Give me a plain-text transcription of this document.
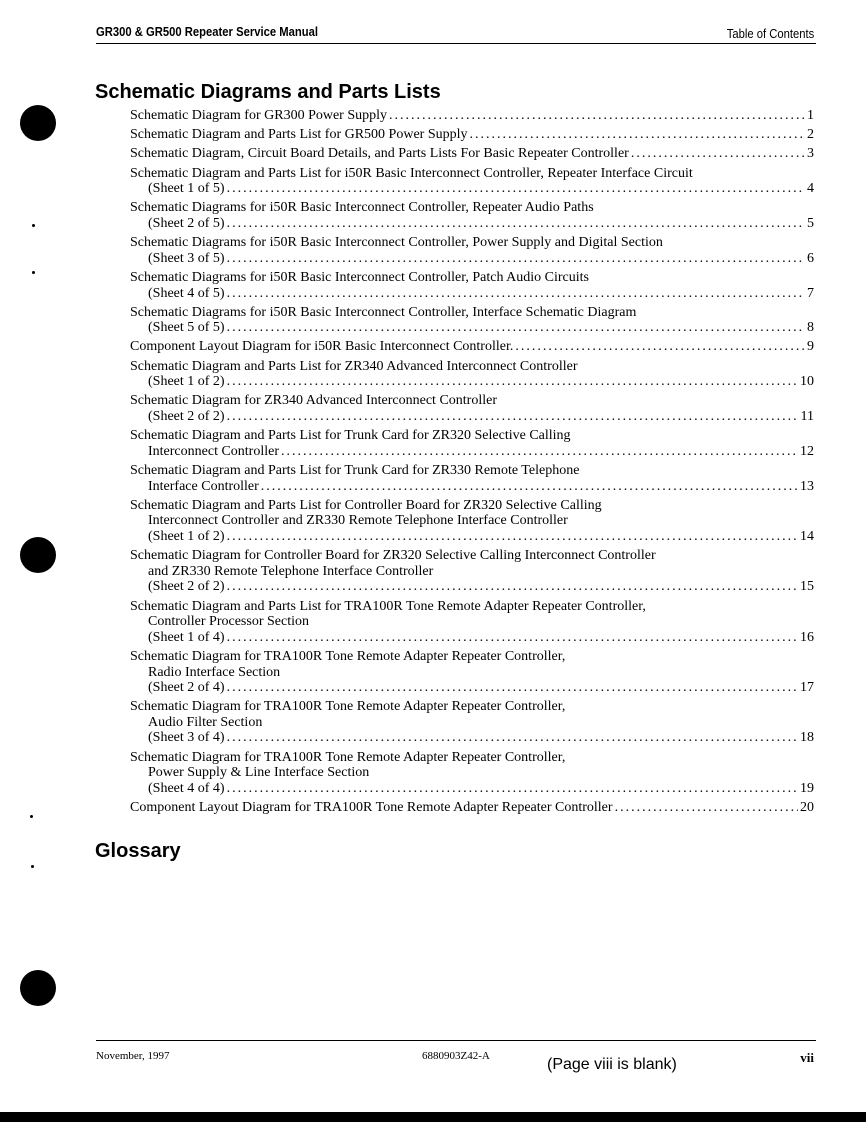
GR300 & GR500 Repeater Service Manual	Table of Contents
Schematic Diagrams and Parts Lists
Schematic Diagram for GR300 Power Supply .....	1
Schematic Diagram and Parts List for GR500 Power Supply .....	2
Schematic Diagram, Circuit Board Details, and Parts Lists For Basic Repeater Controller .....	3
Schematic Diagram and Parts List for i50R Basic Interconnect Controller, Repeater Interface Circuit
(Sheet 1 of 5) .....	4
Schematic Diagrams for i50R Basic Interconnect Controller, Repeater Audio Paths
(Sheet 2 of 5) .....	5
Schematic Diagrams for i50R Basic Interconnect Controller, Power Supply and Digital Section
(Sheet 3 of 5) .....	6
Schematic Diagrams for i50R Basic Interconnect Controller, Patch Audio Circuits
(Sheet 4 of 5) .....	7
Schematic Diagrams for i50R Basic Interconnect Controller, Interface Schematic Diagram
(Sheet 5 of 5) .....	8
Component Layout Diagram for i50R Basic Interconnect Controller. .....	9
Schematic Diagram and Parts List for ZR340 Advanced Interconnect Controller
(Sheet 1 of 2) .....	10
Schematic Diagram for ZR340 Advanced Interconnect Controller
(Sheet 2 of 2) .....	11
Schematic Diagram and Parts List for Trunk Card for ZR320 Selective Calling
Interconnect Controller .....	12
Schematic Diagram and Parts List for Trunk Card for ZR330 Remote Telephone
Interface Controller .....	13
Schematic Diagram and Parts List for Controller Board for ZR320 Selective Calling
Interconnect Controller and ZR330 Remote Telephone Interface Controller
(Sheet 1 of 2) .....	14
Schematic Diagram for Controller Board for ZR320 Selective Calling Interconnect Controller
and ZR330 Remote Telephone Interface Controller
(Sheet 2 of 2) .....	15
Schematic Diagram and Parts List for TRA100R Tone Remote Adapter Repeater Controller,
Controller Processor Section
(Sheet 1 of 4) .....	16
Schematic Diagram for TRA100R Tone Remote Adapter Repeater Controller,
Radio Interface Section
(Sheet 2 of 4) .....	17
Schematic Diagram for TRA100R Tone Remote Adapter Repeater Controller,
Audio Filter Section
(Sheet 3 of 4) .....	18
Schematic Diagram for TRA100R Tone Remote Adapter Repeater Controller,
Power Supply & Line Interface Section
(Sheet 4 of 4) .....	19
Component Layout Diagram for TRA100R Tone Remote Adapter Repeater Controller .....	20
Glossary
November, 1997	6880903Z42-A	(Page viii is blank)	vii
